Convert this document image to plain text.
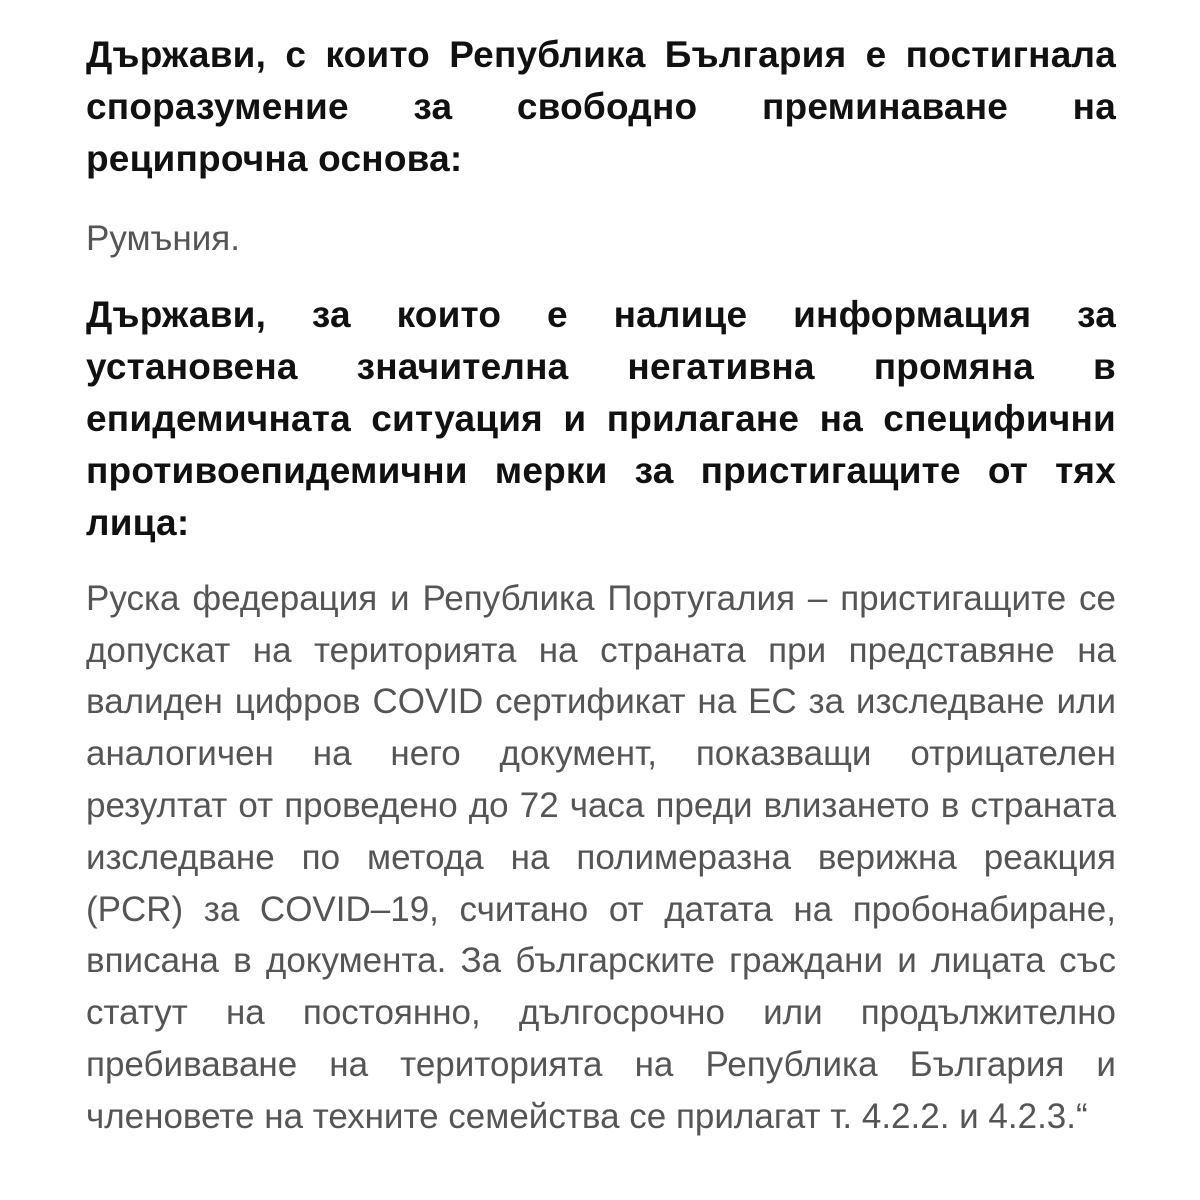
Държави, с които Република България е постигнала споразумение за свободно преминаване на реципрочна основа:

Румъния.

Държави, за които е налице информация за установена значителна негативна промяна в епидемичната ситуация и прилагане на специфични противоепидемични мерки за пристигащите от тях лица:

Руска федерация и Република Португалия – пристигащите се допускат на територията на страната при представяне на валиден цифров COVID сертификат на ЕС за изследване или аналогичен на него документ, показващи отрицателен резултат от проведено до 72 часа преди влизането в страната изследване по метода на полимеразна верижна реакция (PCR) за COVID–19, считано от датата на пробонабиране, вписана в документа. За българските граждани и лицата със статут на постоянно, дългосрочно или продължително пребиваване на територията на Република България и членовете на техните семейства се прилагат т. 4.2.2. и 4.2.3.“
